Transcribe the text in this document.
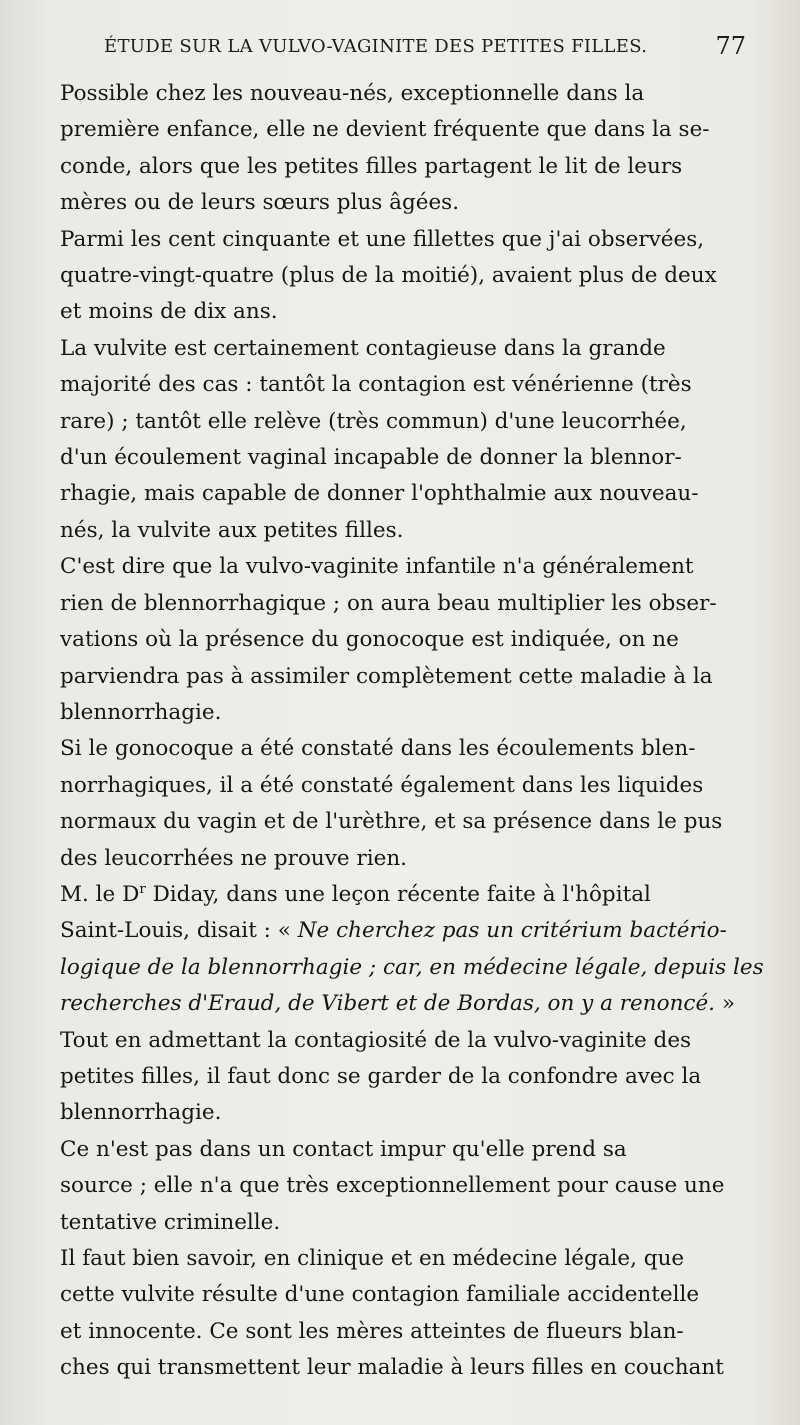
ÉTUDE SUR LA VULVO-VAGINITE DES PETITES FILLES.	77

Possible chez les nouveau-nés, exceptionnelle dans la
première enfance, elle ne devient fréquente que dans la se-
conde, alors que les petites filles partagent le lit de leurs
mères ou de leurs sœurs plus âgées.

Parmi les cent cinquante et une fillettes que j'ai observées,
quatre-vingt-quatre (plus de la moitié), avaient plus de deux
et moins de dix ans.

La vulvite est certainement contagieuse dans la grande
majorité des cas : tantôt la contagion est vénérienne (très
rare) ; tantôt elle relève (très commun) d'une leucorrhée,
d'un écoulement vaginal incapable de donner la blennor-
rhagie, mais capable de donner l'ophthalmie aux nouveau-
nés, la vulvite aux petites filles.

C'est dire que la vulvo-vaginite infantile n'a généralement
rien de blennorrhagique ; on aura beau multiplier les obser-
vations où la présence du gonocoque est indiquée, on ne
parviendra pas à assimiler complètement cette maladie à la
blennorrhagie.

Si le gonocoque a été constaté dans les écoulements blen-
norrhagiques, il a été constaté également dans les liquides
normaux du vagin et de l'urèthre, et sa présence dans le pus
des leucorrhées ne prouve rien.

M. le $D^r$ Diday, dans une leçon récente faite à l'hôpital
Saint-Louis, disait : « Ne cherchez pas un critérium bactério-
logique de la blennorrhagie ; car, en médecine légale, depuis les
recherches d'Eraud, de Vibert et de Bordas, on y a renoncé. »

Tout en admettant la contagiosité de la vulvo-vaginite des
petites filles, il faut donc se garder de la confondre avec la
blennorrhagie.

Ce n'est pas dans un contact impur qu'elle prend sa
source ; elle n'a que très exceptionnellement pour cause une
tentative criminelle.

Il faut bien savoir, en clinique et en médecine légale, que
cette vulvite résulte d'une contagion familiale accidentelle
et innocente. Ce sont les mères atteintes de flueurs blan-
ches qui transmettent leur maladie à leurs filles en couchant
